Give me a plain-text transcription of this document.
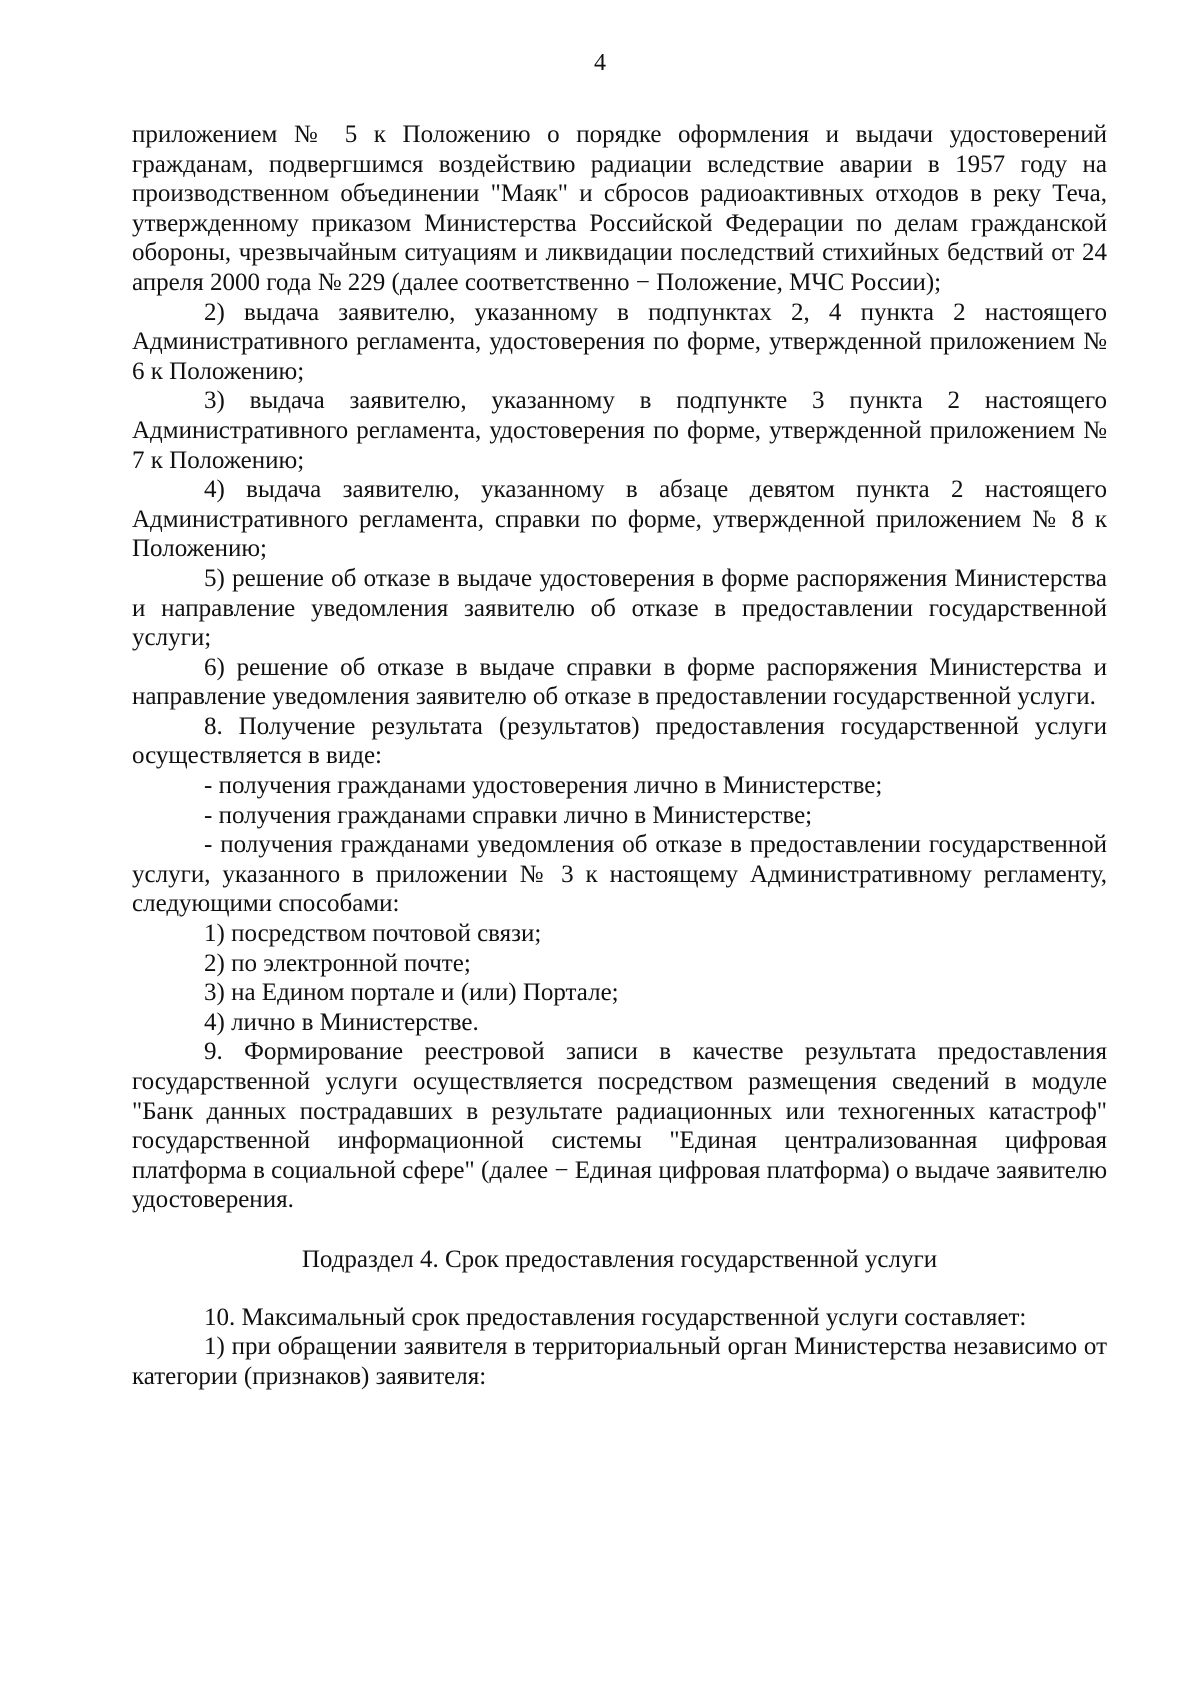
4

приложением № 5 к Положению о порядке оформления и выдачи удостоверений гражданам, подвергшимся воздействию радиации вследствие аварии в 1957 году на производственном объединении "Маяк" и сбросов радиоактивных отходов в реку Теча, утвержденному приказом Министерства Российской Федерации по делам гражданской обороны, чрезвычайным ситуациям и ликвидации последствий стихийных бедствий от 24 апреля 2000 года № 229 (далее соответственно − Положение, МЧС России);

2) выдача заявителю, указанному в подпунктах 2, 4 пункта 2 настоящего Административного регламента, удостоверения по форме, утвержденной приложением № 6 к Положению;

3) выдача заявителю, указанному в подпункте 3 пункта 2 настоящего Административного регламента, удостоверения по форме, утвержденной приложением № 7 к Положению;

4) выдача заявителю, указанному в абзаце девятом пункта 2 настоящего Административного регламента, справки по форме, утвержденной приложением № 8 к Положению;

5) решение об отказе в выдаче удостоверения в форме распоряжения Министерства и направление уведомления заявителю об отказе в предоставлении государственной услуги;

6) решение об отказе в выдаче справки в форме распоряжения Министерства и направление уведомления заявителю об отказе в предоставлении государственной услуги.

8. Получение результата (результатов) предоставления государственной услуги осуществляется в виде:

- получения гражданами удостоверения лично в Министерстве;

- получения гражданами справки лично в Министерстве;

- получения гражданами уведомления об отказе в предоставлении государственной услуги, указанного в приложении № 3 к настоящему Административному регламенту, следующими способами:

1) посредством почтовой связи;

2) по электронной почте;

3) на Едином портале и (или) Портале;

4) лично в Министерстве.

9. Формирование реестровой записи в качестве результата предоставления государственной услуги осуществляется посредством размещения сведений в модуле "Банк данных пострадавших в результате радиационных или техногенных катастроф" государственной информационной системы "Единая централизованная цифровая платформа в социальной сфере" (далее − Единая цифровая платформа) о выдаче заявителю удостоверения.

Подраздел 4. Срок предоставления государственной услуги

10. Максимальный срок предоставления государственной услуги составляет:

1) при обращении заявителя в территориальный орган Министерства независимо от категории (признаков) заявителя:
